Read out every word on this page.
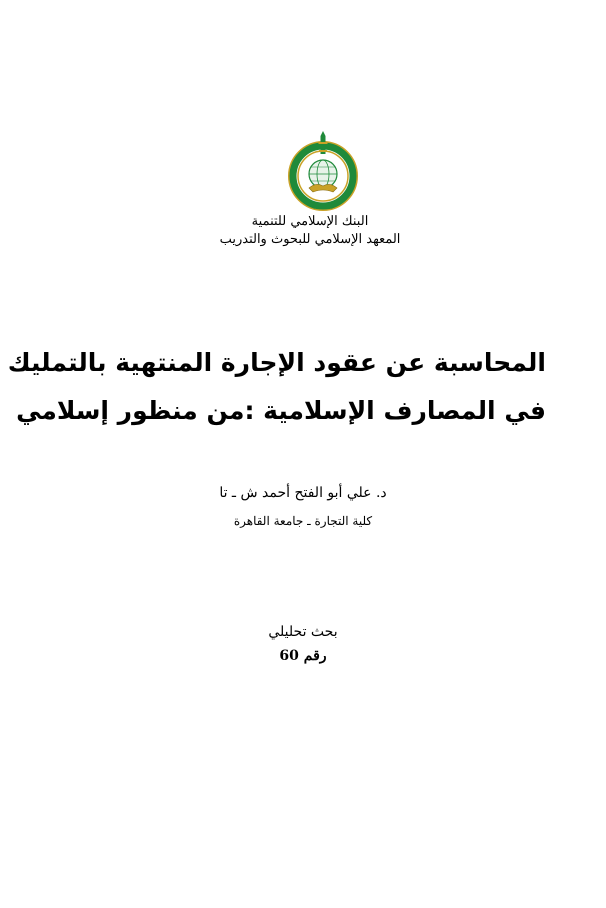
البنك الإسلامي للتنمية
المعهد الإسلامي للبحوث والتدريب
المحاسبة عن عقود الإجارة المنتهية بالتمليك
في المصارف الإسلامية :من منظور إسلامي
د. علي أبو الفتح أحمد ش ـ تا
كلية التجارة ـ جامعة القاهرة
بحث تحليلي
رقم 60
